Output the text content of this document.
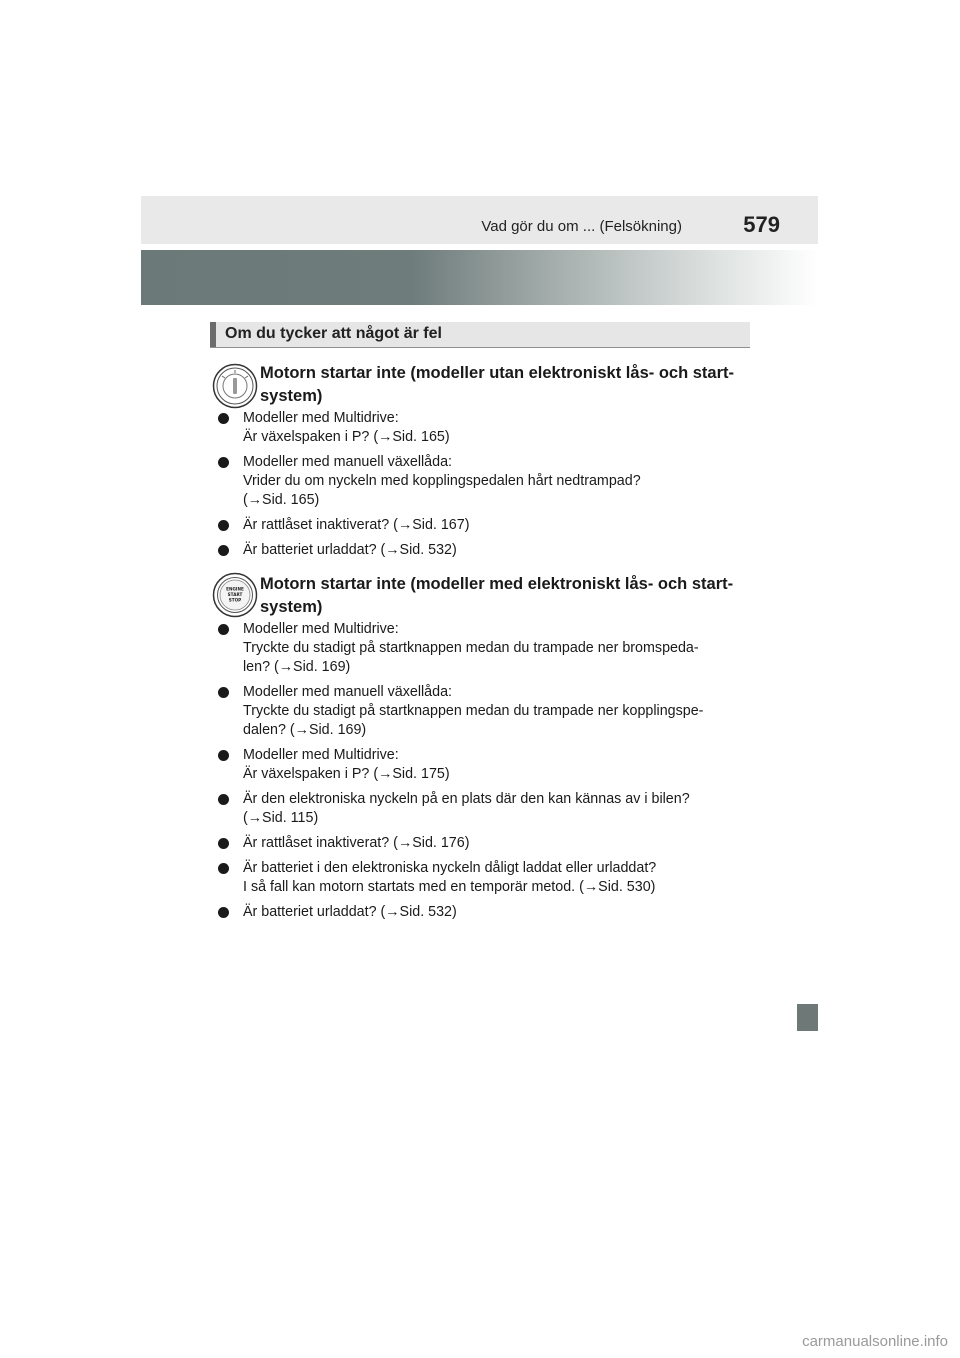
Vad gör du om ... (Felsökning)	579
Om du tycker att något är fel
Motorn startar inte (modeller utan elektroniskt lås- och start-
system)
Modeller med Multidrive:
Är växelspaken i P? (→Sid. 165)
Modeller med manuell växellåda:
Vrider du om nyckeln med kopplingspedalen hårt nedtrampad?
(→Sid. 165)
Är rattlåset inaktiverat? (→Sid. 167)
Är batteriet urladdat? (→Sid. 532)
ENGINE
START
STOP
Motorn startar inte (modeller med elektroniskt lås- och start-
system)
Modeller med Multidrive:
Tryckte du stadigt på startknappen medan du trampade ner bromspeda-
len? (→Sid. 169)
Modeller med manuell växellåda:
Tryckte du stadigt på startknappen medan du trampade ner kopplingspe-
dalen? (→Sid. 169)
Modeller med Multidrive:
Är växelspaken i P? (→Sid. 175)
Är den elektroniska nyckeln på en plats där den kan kännas av i bilen?
(→Sid. 115)
Är rattlåset inaktiverat? (→Sid. 176)
Är batteriet i den elektroniska nyckeln dåligt laddat eller urladdat?
I så fall kan motorn startats med en temporär metod. (→Sid. 530)
Är batteriet urladdat? (→Sid. 532)
carmanualsonline.info
